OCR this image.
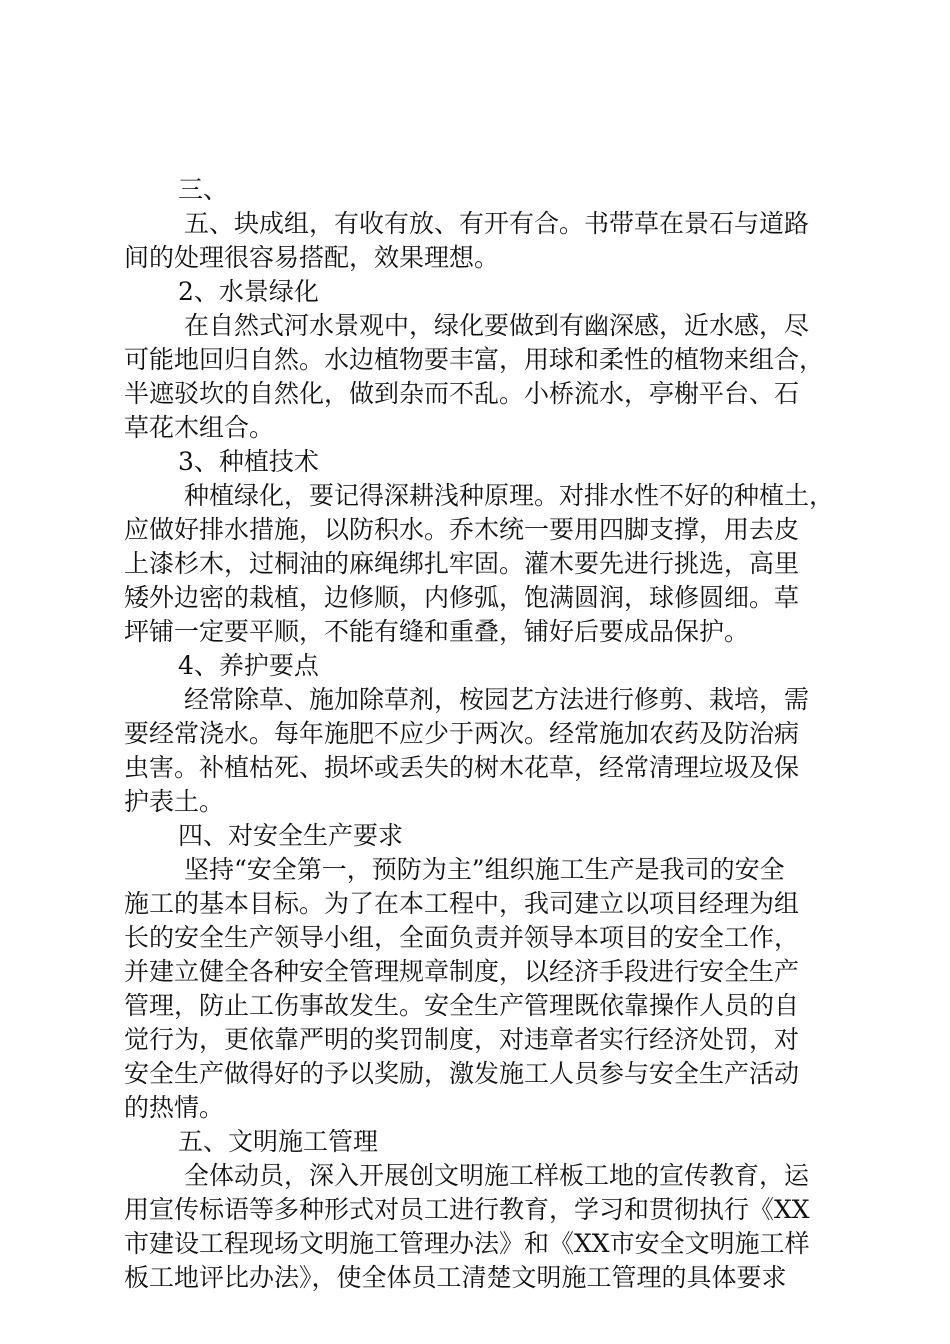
三、
五、块成组，有收有放、有开有合。书带草在景石与道路
间的处理很容易搭配，效果理想。
2、水景绿化
在自然式河水景观中，绿化要做到有幽深感，近水感，尽
可能地回归自然。水边植物要丰富，用球和柔性的植物来组合，
半遮驳坎的自然化，做到杂而不乱。小桥流水，亭榭平台、石
草花木组合。
3、种植技术
种植绿化，要记得深耕浅种原理。对排水性不好的种植土，
应做好排水措施，以防积水。乔木统一要用四脚支撑，用去皮
上漆杉木，过桐油的麻绳绑扎牢固。灌木要先进行挑选，高里
矮外边密的栽植，边修顺，内修弧，饱满圆润，球修圆细。草
坪铺一定要平顺，不能有缝和重叠，铺好后要成品保护。
4、养护要点
经常除草、施加除草剂，桉园艺方法进行修剪、栽培，需
要经常浇水。每年施肥不应少于两次。经常施加农药及防治病
虫害。补植枯死、损坏或丢失的树木花草，经常清理垃圾及保
护表土。
四、对安全生产要求
坚持“安全第一，预防为主”组织施工生产是我司的安全
施工的基本目标。为了在本工程中，我司建立以项目经理为组
长的安全生产领导小组，全面负责并领导本项目的安全工作，
并建立健全各种安全管理规章制度，以经济手段进行安全生产
管理，防止工伤事故发生。安全生产管理既依靠操作人员的自
觉行为，更依靠严明的奖罚制度，对违章者实行经济处罚，对
安全生产做得好的予以奖励，激发施工人员参与安全生产活动
的热情。
五、文明施工管理
全体动员，深入开展创文明施工样板工地的宣传教育，运
用宣传标语等多种形式对员工进行教育，学习和贯彻执行《XX
市建设工程现场文明施工管理办法》和《XX市安全文明施工样
板工地评比办法》，使全体员工清楚文明施工管理的具体要求
